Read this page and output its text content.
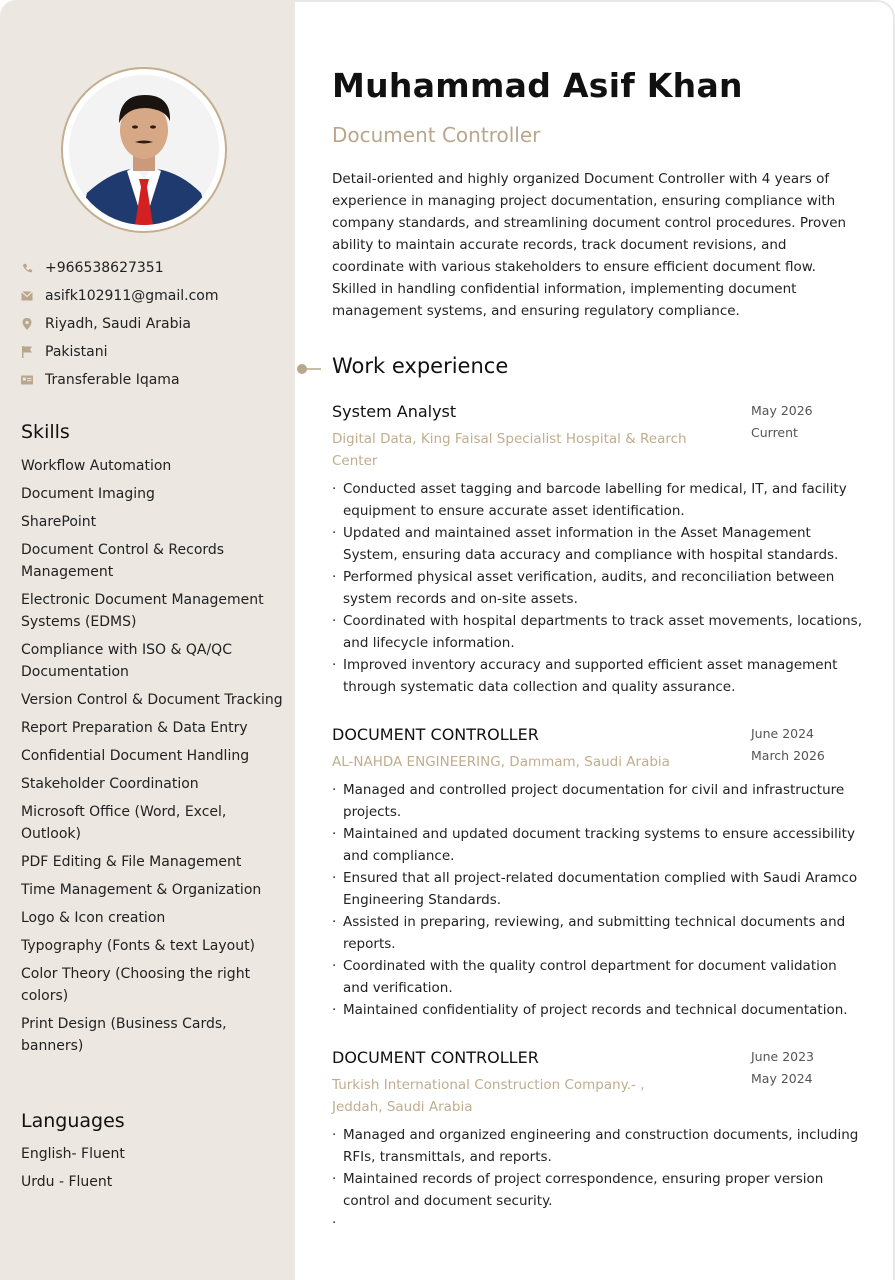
+966538627351
asifk102911@gmail.com
Riyadh, Saudi Arabia
Pakistani
Transferable Iqama
Skills
Workflow Automation
Document Imaging
SharePoint
Document Control & Records Management
Electronic Document Management Systems (EDMS)
Compliance with ISO & QA/QC Documentation
Version Control & Document Tracking
Report Preparation & Data Entry
Confidential Document Handling
Stakeholder Coordination
Microsoft Office (Word, Excel, Outlook)
PDF Editing & File Management
Time Management & Organization
Logo & Icon creation
Typography (Fonts & text Layout)
Color Theory (Choosing the right colors)
Print Design (Business Cards, banners)
Languages
English- Fluent
Urdu - Fluent
Muhammad Asif Khan
Document Controller

Detail-oriented and highly organized Document Controller with 4 years of experience in managing project documentation, ensuring compliance with company standards, and streamlining document control procedures. Proven ability to maintain accurate records, track document revisions, and coordinate with various stakeholders to ensure efficient document flow. Skilled in handling confidential information, implementing document management systems, and ensuring regulatory compliance.

Work experience
System Analyst
Digital Data, King Faisal Specialist Hospital & Rearch Center
May 2026
Current
· Conducted asset tagging and barcode labelling for medical, IT, and facility equipment to ensure accurate asset identification.
· Updated and maintained asset information in the Asset Management System, ensuring data accuracy and compliance with hospital standards.
· Performed physical asset verification, audits, and reconciliation between system records and on-site assets.
· Coordinated with hospital departments to track asset movements, locations, and lifecycle information.
· Improved inventory accuracy and supported efficient asset management through systematic data collection and quality assurance.
DOCUMENT CONTROLLER
AL-NAHDA ENGINEERING, Dammam, Saudi Arabia
June 2024
March 2026
· Managed and controlled project documentation for civil and infrastructure projects.
· Maintained and updated document tracking systems to ensure accessibility and compliance.
· Ensured that all project-related documentation complied with Saudi Aramco Engineering Standards.
· Assisted in preparing, reviewing, and submitting technical documents and reports.
· Coordinated with the quality control department for document validation and verification.
· Maintained confidentiality of project records and technical documentation.
DOCUMENT CONTROLLER
Turkish International Construction Company.- , Jeddah, Saudi Arabia
June 2023
May 2024
· Managed and organized engineering and construction documents, including RFIs, transmittals, and reports.
· Maintained records of project correspondence, ensuring proper version control and document security.
·
